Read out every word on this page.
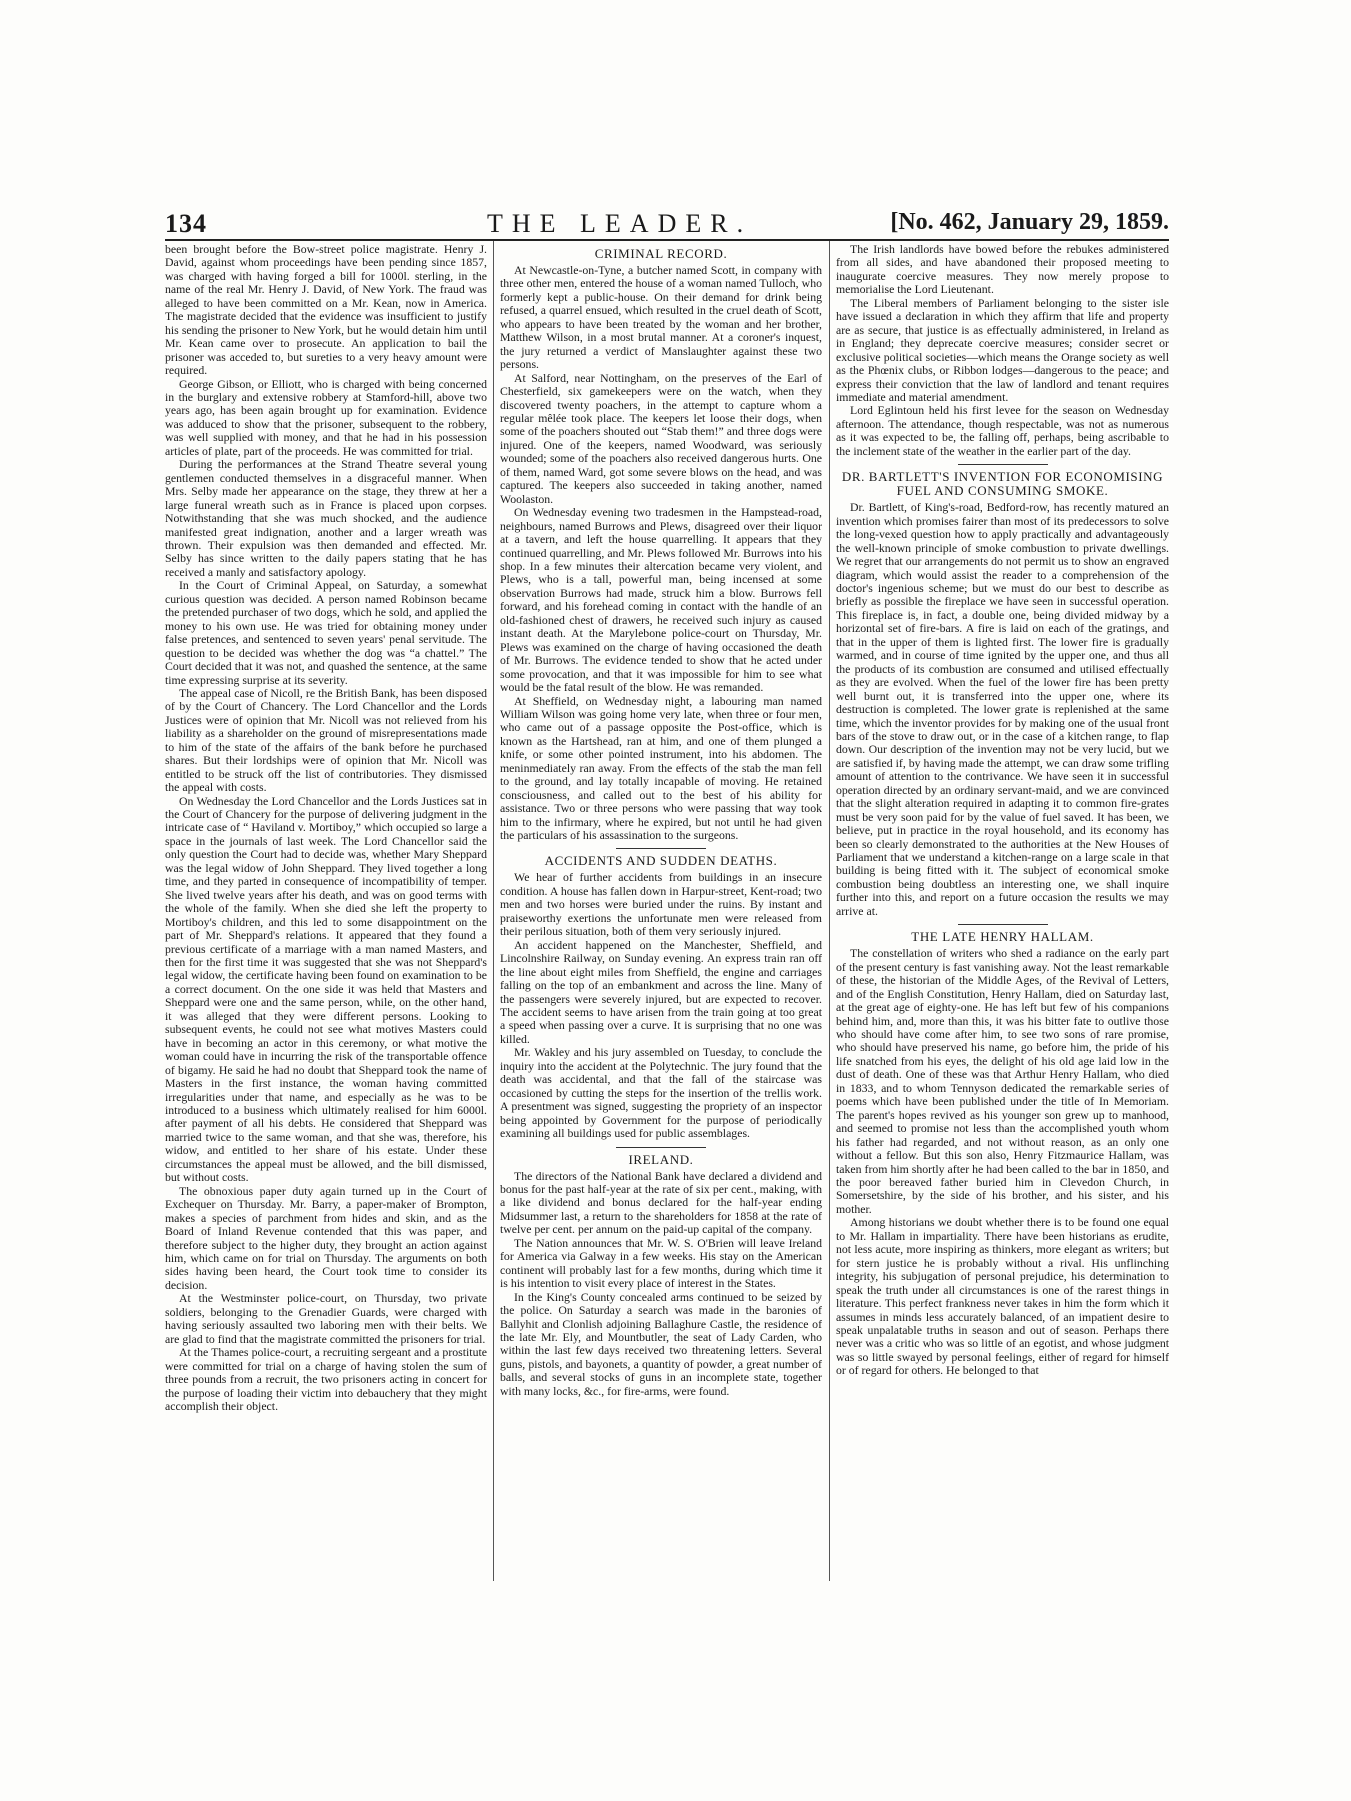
134	THE LEADER.	[No. 462, January 29, 1859.

been brought before the Bow-street police magistrate. Henry J. David, against whom proceedings have been pending since 1857, was charged with having forged a bill for 1000l. sterling, in the name of the real Mr. Henry J. David, of New York. The fraud was alleged to have been committed on a Mr. Kean, now in America. The magistrate decided that the evidence was insufficient to justify his sending the prisoner to New York, but he would detain him until Mr. Kean came over to prosecute. An application to bail the prisoner was acceded to, but sureties to a very heavy amount were required.

George Gibson, or Elliott, who is charged with being concerned in the burglary and extensive robbery at Stamford-hill, above two years ago, has been again brought up for examination. Evidence was adduced to show that the prisoner, subsequent to the robbery, was well supplied with money, and that he had in his possession articles of plate, part of the proceeds. He was committed for trial.

During the performances at the Strand Theatre several young gentlemen conducted themselves in a disgraceful manner. When Mrs. Selby made her appearance on the stage, they threw at her a large funeral wreath such as in France is placed upon corpses. Notwithstanding that she was much shocked, and the audience manifested great indignation, another and a larger wreath was thrown. Their expulsion was then demanded and effected. Mr. Selby has since written to the daily papers stating that he has received a manly and satisfactory apology.

In the Court of Criminal Appeal, on Saturday, a somewhat curious question was decided. A person named Robinson became the pretended purchaser of two dogs, which he sold, and applied the money to his own use. He was tried for obtaining money under false pretences, and sentenced to seven years' penal servitude. The question to be decided was whether the dog was “a chattel.” The Court decided that it was not, and quashed the sentence, at the same time expressing surprise at its severity.

The appeal case of Nicoll, re the British Bank, has been disposed of by the Court of Chancery. The Lord Chancellor and the Lords Justices were of opinion that Mr. Nicoll was not relieved from his liability as a shareholder on the ground of misrepresentations made to him of the state of the affairs of the bank before he purchased shares. But their lordships were of opinion that Mr. Nicoll was entitled to be struck off the list of contributories. They dismissed the appeal with costs.

On Wednesday the Lord Chancellor and the Lords Justices sat in the Court of Chancery for the purpose of delivering judgment in the intricate case of “ Haviland v. Mortiboy,” which occupied so large a space in the journals of last week. The Lord Chancellor said the only question the Court had to decide was, whether Mary Sheppard was the legal widow of John Sheppard. They lived together a long time, and they parted in consequence of incompatibility of temper. She lived twelve years after his death, and was on good terms with the whole of the family. When she died she left the property to Mortiboy's children, and this led to some disappointment on the part of Mr. Sheppard's relations. It appeared that they found a previous certificate of a marriage with a man named Masters, and then for the first time it was suggested that she was not Sheppard's legal widow, the certificate having been found on examination to be a correct document. On the one side it was held that Masters and Sheppard were one and the same person, while, on the other hand, it was alleged that they were different persons. Looking to subsequent events, he could not see what motives Masters could have in becoming an actor in this ceremony, or what motive the woman could have in incurring the risk of the transportable offence of bigamy. He said he had no doubt that Sheppard took the name of Masters in the first instance, the woman having committed irregularities under that name, and especially as he was to be introduced to a business which ultimately realised for him 6000l. after payment of all his debts. He considered that Sheppard was married twice to the same woman, and that she was, therefore, his widow, and entitled to her share of his estate. Under these circumstances the appeal must be allowed, and the bill dismissed, but without costs.

The obnoxious paper duty again turned up in the Court of Exchequer on Thursday. Mr. Barry, a paper-maker of Brompton, makes a species of parchment from hides and skin, and as the Board of Inland Revenue contended that this was paper, and therefore subject to the higher duty, they brought an action against him, which came on for trial on Thursday. The arguments on both sides having been heard, the Court took time to consider its decision.

At the Westminster police-court, on Thursday, two private soldiers, belonging to the Grenadier Guards, were charged with having seriously assaulted two laboring men with their belts. We are glad to find that the magistrate committed the prisoners for trial.

At the Thames police-court, a recruiting sergeant and a prostitute were committed for trial on a charge of having stolen the sum of three pounds from a recruit, the two prisoners acting in concert for the purpose of loading their victim into debauchery that they might accomplish their object.

CRIMINAL RECORD.

At Newcastle-on-Tyne, a butcher named Scott, in company with three other men, entered the house of a woman named Tulloch, who formerly kept a public-house. On their demand for drink being refused, a quarrel ensued, which resulted in the cruel death of Scott, who appears to have been treated by the woman and her brother, Matthew Wilson, in a most brutal manner. At a coroner's inquest, the jury returned a verdict of Manslaughter against these two persons.

At Salford, near Nottingham, on the preserves of the Earl of Chesterfield, six gamekeepers were on the watch, when they discovered twenty poachers, in the attempt to capture whom a regular mêlée took place. The keepers let loose their dogs, when some of the poachers shouted out “Stab them!” and three dogs were injured. One of the keepers, named Woodward, was seriously wounded; some of the poachers also received dangerous hurts. One of them, named Ward, got some severe blows on the head, and was captured. The keepers also succeeded in taking another, named Woolaston.

On Wednesday evening two tradesmen in the Hampstead-road, neighbours, named Burrows and Plews, disagreed over their liquor at a tavern, and left the house quarrelling. It appears that they continued quarrelling, and Mr. Plews followed Mr. Burrows into his shop. In a few minutes their altercation became very violent, and Plews, who is a tall, powerful man, being incensed at some observation Burrows had made, struck him a blow. Burrows fell forward, and his forehead coming in contact with the handle of an old-fashioned chest of drawers, he received such injury as caused instant death. At the Marylebone police-court on Thursday, Mr. Plews was examined on the charge of having occasioned the death of Mr. Burrows. The evidence tended to show that he acted under some provocation, and that it was impossible for him to see what would be the fatal result of the blow. He was remanded.

At Sheffield, on Wednesday night, a labouring man named William Wilson was going home very late, when three or four men, who came out of a passage opposite the Post-office, which is known as the Hartshead, ran at him, and one of them plunged a knife, or some other pointed instrument, into his abdomen. The meninmediately ran away. From the effects of the stab the man fell to the ground, and lay totally incapable of moving. He retained consciousness, and called out to the best of his ability for assistance. Two or three persons who were passing that way took him to the infirmary, where he expired, but not until he had given the particulars of his assassination to the surgeons.

ACCIDENTS AND SUDDEN DEATHS.

We hear of further accidents from buildings in an insecure condition. A house has fallen down in Harpur-street, Kent-road; two men and two horses were buried under the ruins. By instant and praiseworthy exertions the unfortunate men were released from their perilous situation, both of them very seriously injured.

An accident happened on the Manchester, Sheffield, and Lincolnshire Railway, on Sunday evening. An express train ran off the line about eight miles from Sheffield, the engine and carriages falling on the top of an embankment and across the line. Many of the passengers were severely injured, but are expected to recover. The accident seems to have arisen from the train going at too great a speed when passing over a curve. It is surprising that no one was killed.

Mr. Wakley and his jury assembled on Tuesday, to conclude the inquiry into the accident at the Polytechnic. The jury found that the death was accidental, and that the fall of the staircase was occasioned by cutting the steps for the insertion of the trellis work. A presentment was signed, suggesting the propriety of an inspector being appointed by Government for the purpose of periodically examining all buildings used for public assemblages.

IRELAND.

The directors of the National Bank have declared a dividend and bonus for the past half-year at the rate of six per cent., making, with a like dividend and bonus declared for the half-year ending Midsummer last, a return to the shareholders for 1858 at the rate of twelve per cent. per annum on the paid-up capital of the company.

The Nation announces that Mr. W. S. O'Brien will leave Ireland for America via Galway in a few weeks. His stay on the American continent will probably last for a few months, during which time it is his intention to visit every place of interest in the States.

In the King's County concealed arms continued to be seized by the police. On Saturday a search was made in the baronies of Ballyhit and Clonlish adjoining Ballaghure Castle, the residence of the late Mr. Ely, and Mountbutler, the seat of Lady Carden, who within the last few days received two threatening letters. Several guns, pistols, and bayonets, a quantity of powder, a great number of balls, and several stocks of guns in an incomplete state, together with many locks, &c., for fire-arms, were found.

The Irish landlords have bowed before the rebukes administered from all sides, and have abandoned their proposed meeting to inaugurate coercive measures. They now merely propose to memorialise the Lord Lieutenant.

The Liberal members of Parliament belonging to the sister isle have issued a declaration in which they affirm that life and property are as secure, that justice is as effectually administered, in Ireland as in England; they deprecate coercive measures; consider secret or exclusive political societies—which means the Orange society as well as the Phœnix clubs, or Ribbon lodges—dangerous to the peace; and express their conviction that the law of landlord and tenant requires immediate and material amendment.

Lord Eglintoun held his first levee for the season on Wednesday afternoon. The attendance, though respectable, was not as numerous as it was expected to be, the falling off, perhaps, being ascribable to the inclement state of the weather in the earlier part of the day.

DR. BARTLETT'S INVENTION FOR ECONOMISING FUEL AND CONSUMING SMOKE.

Dr. Bartlett, of King's-road, Bedford-row, has recently matured an invention which promises fairer than most of its predecessors to solve the long-vexed question how to apply practically and advantageously the well-known principle of smoke combustion to private dwellings. We regret that our arrangements do not permit us to show an engraved diagram, which would assist the reader to a comprehension of the doctor's ingenious scheme; but we must do our best to describe as briefly as possible the fireplace we have seen in successful operation. This fireplace is, in fact, a double one, being divided midway by a horizontal set of fire-bars. A fire is laid on each of the gratings, and that in the upper of them is lighted first. The lower fire is gradually warmed, and in course of time ignited by the upper one, and thus all the products of its combustion are consumed and utilised effectually as they are evolved. When the fuel of the lower fire has been pretty well burnt out, it is transferred into the upper one, where its destruction is completed. The lower grate is replenished at the same time, which the inventor provides for by making one of the usual front bars of the stove to draw out, or in the case of a kitchen range, to flap down. Our description of the invention may not be very lucid, but we are satisfied if, by having made the attempt, we can draw some trifling amount of attention to the contrivance. We have seen it in successful operation directed by an ordinary servant-maid, and we are convinced that the slight alteration required in adapting it to common fire-grates must be very soon paid for by the value of fuel saved. It has been, we believe, put in practice in the royal household, and its economy has been so clearly demonstrated to the authorities at the New Houses of Parliament that we understand a kitchen-range on a large scale in that building is being fitted with it. The subject of economical smoke combustion being doubtless an interesting one, we shall inquire further into this, and report on a future occasion the results we may arrive at.

THE LATE HENRY HALLAM.

The constellation of writers who shed a radiance on the early part of the present century is fast vanishing away. Not the least remarkable of these, the historian of the Middle Ages, of the Revival of Letters, and of the English Constitution, Henry Hallam, died on Saturday last, at the great age of eighty-one. He has left but few of his companions behind him, and, more than this, it was his bitter fate to outlive those who should have come after him, to see two sons of rare promise, who should have preserved his name, go before him, the pride of his life snatched from his eyes, the delight of his old age laid low in the dust of death. One of these was that Arthur Henry Hallam, who died in 1833, and to whom Tennyson dedicated the remarkable series of poems which have been published under the title of In Memoriam. The parent's hopes revived as his younger son grew up to manhood, and seemed to promise not less than the accomplished youth whom his father had regarded, and not without reason, as an only one without a fellow. But this son also, Henry Fitzmaurice Hallam, was taken from him shortly after he had been called to the bar in 1850, and the poor bereaved father buried him in Clevedon Church, in Somersetshire, by the side of his brother, and his sister, and his mother.

Among historians we doubt whether there is to be found one equal to Mr. Hallam in impartiality. There have been historians as erudite, not less acute, more inspiring as thinkers, more elegant as writers; but for stern justice he is probably without a rival. His unflinching integrity, his subjugation of personal prejudice, his determination to speak the truth under all circumstances is one of the rarest things in literature. This perfect frankness never takes in him the form which it assumes in minds less accurately balanced, of an impatient desire to speak unpalatable truths in season and out of season. Perhaps there never was a critic who was so little of an egotist, and whose judgment was so little swayed by personal feelings, either of regard for himself or of regard for others. He belonged to that
